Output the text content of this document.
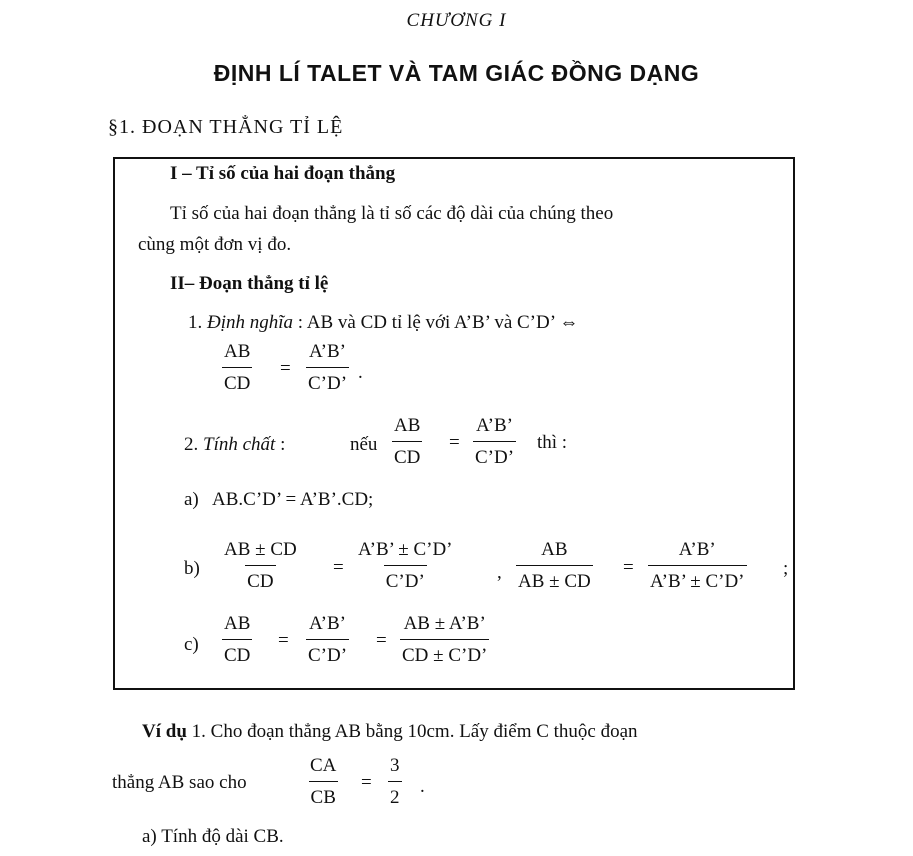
CHƯƠNG I
ĐỊNH LÍ TALET VÀ TAM GIÁC ĐỒNG DẠNG
§1. ĐOẠN THẲNG TỈ LỆ
I – Tỉ số của hai đoạn thẳng
Tỉ số của hai đoạn thẳng là tỉ số các độ dài của chúng theo
cùng một đơn vị đo.
II– Đoạn thẳng tỉ lệ
1. Định nghĩa : AB và CD tỉ lệ với A’B’ và C’D’ ⇔
$\frac{AB}{CD} = \frac{A’B’}{C’D’}$ .
2. Tính chất :	nếu $\frac{AB}{CD} = \frac{A’B’}{C’D’}$ thì :
a) AB.C’D’ = A’B’.CD;
$b) \frac{AB \pm CD}{CD} = \frac{A’B’ \pm C’D’}{C’D’}$ , $\frac{AB}{AB \pm CD} = \frac{A’B’}{A’B’ \pm C’D’}$ ;
$c) \frac{AB}{CD} = \frac{A’B’}{C’D’} = \frac{AB \pm A’B’}{CD \pm C’D’}$
Ví dụ 1. Cho đoạn thẳng AB bằng 10cm. Lấy điểm C thuộc đoạn
thẳng AB sao cho	$\frac{CA}{CB} = \frac{3}{2}$ .
a) Tính độ dài CB.
